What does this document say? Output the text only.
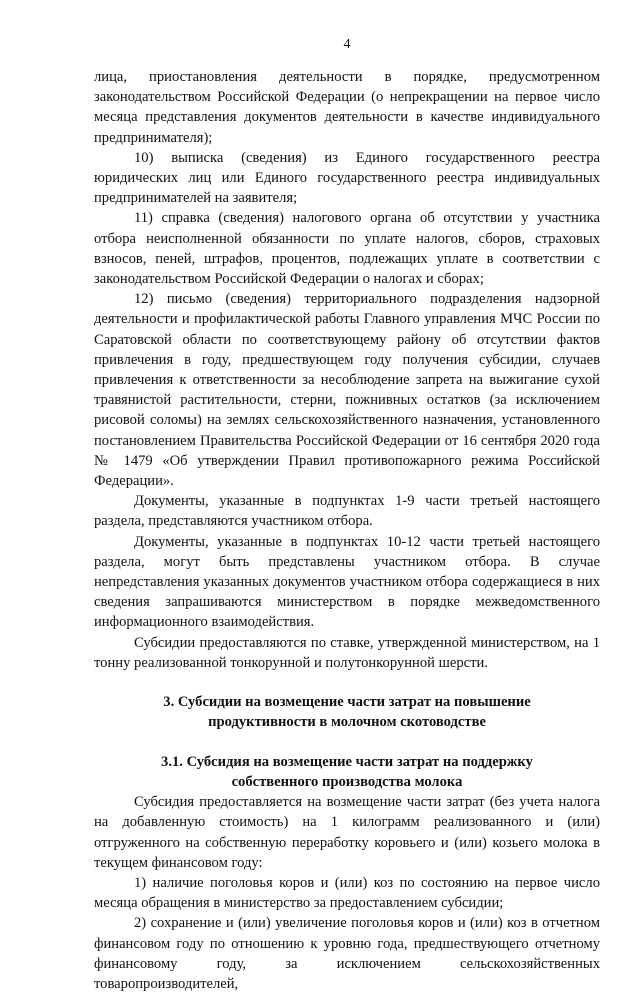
4

лица, приостановления деятельности в порядке, предусмотренном законодательством Российской Федерации (о непрекращении на первое число месяца представления документов деятельности в качестве индивидуального предпринимателя);

10) выписка (сведения) из Единого государственного реестра юридических лиц или Единого государственного реестра индивидуальных предпринимателей на заявителя;

11) справка (сведения) налогового органа об отсутствии у участника отбора неисполненной обязанности по уплате налогов, сборов, страховых взносов, пеней, штрафов, процентов, подлежащих уплате в соответствии с законодательством Российской Федерации о налогах и сборах;

12) письмо (сведения) территориального подразделения надзорной деятельности и профилактической работы Главного управления МЧС России по Саратовской области по соответствующему району об отсутствии фактов привлечения в году, предшествующем году получения субсидии, случаев привлечения к ответственности за несоблюдение запрета на выжигание сухой травянистой растительности, стерни, пожнивных остатков (за исключением рисовой соломы) на землях сельскохозяйственного назначения, установленного постановлением Правительства Российской Федерации от 16 сентября 2020 года № 1479 «Об утверждении Правил противопожарного режима Российской Федерации».

Документы, указанные в подпунктах 1-9 части третьей настоящего раздела, представляются участником отбора.

Документы, указанные в подпунктах 10-12 части третьей настоящего раздела, могут быть представлены участником отбора. В случае непредставления указанных документов участником отбора содержащиеся в них сведения запрашиваются министерством в порядке межведомственного информационного взаимодействия.

Субсидии предоставляются по ставке, утвержденной министерством, на 1 тонну реализованной тонкорунной и полутонкорунной шерсти.

3. Субсидии на возмещение части затрат на повышение
продуктивности в молочном скотоводстве
3.1. Субсидия на возмещение части затрат на поддержку
собственного производства молока

Субсидия предоставляется на возмещение части затрат (без учета налога на добавленную стоимость) на 1 килограмм реализованного и (или) отгруженного на собственную переработку коровьего и (или) козьего молока в текущем финансовом году:

1) наличие поголовья коров и (или) коз по состоянию на первое число месяца обращения в министерство за предоставлением субсидии;

2) сохранение и (или) увеличение поголовья коров и (или) коз в отчетном финансовом году по отношению к уровню года, предшествующего отчетному финансовому году, за исключением сельскохозяйственных товаропроизводителей,
